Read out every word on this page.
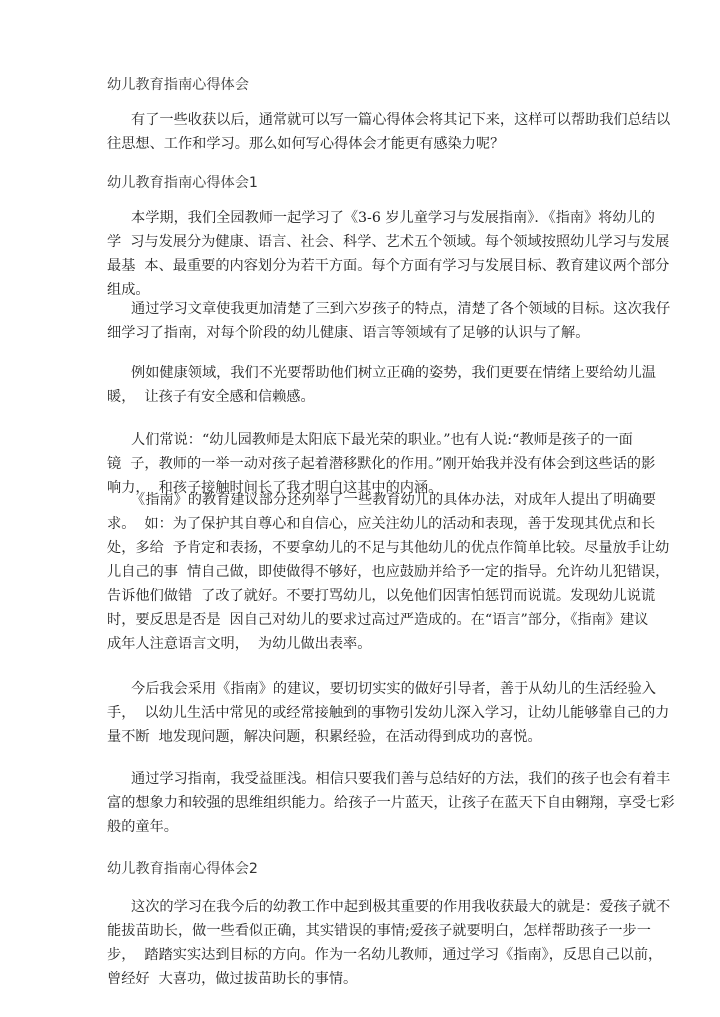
幼儿教育指南心得体会
有了一些收获以后，通常就可以写一篇心得体会将其记下来，这样可以帮助我们总结以
往思想、工作和学习。那么如何写心得体会才能更有感染力呢？
幼儿教育指南心得体会1
本学期，我们全园教师一起学习了《3-6 岁儿童学习与发展指南》．《指南》将幼儿的
学  习与发展分为健康、语言、社会、科学、艺术五个领域。每个领域按照幼儿学习与发展
最基  本、最重要的内容划分为若干方面。每个方面有学习与发展目标、教育建议两个部分
组成。
通过学习文章使我更加清楚了三到六岁孩子的特点，清楚了各个领域的目标。这次我仔
细学习了指南，对每个阶段的幼儿健康、语言等领域有了足够的认识与了解。
例如健康领域，我们不光要帮助他们树立正确的姿势，我们更要在情绪上要给幼儿温
暖，  让孩子有安全感和信赖感。
人们常说：“幼儿园教师是太阳底下最光荣的职业。”也有人说:“教师是孩子的一面
镜  子，教师的一举一动对孩子起着潜移默化的作用。”刚开始我并没有体会到这些话的影
响力，  和孩子接触时间长了我才明白这其中的内涵。
《指南》的教育建议部分还列举了一些教育幼儿的具体办法，对成年人提出了明确要
求。  如：为了保护其自尊心和自信心，应关注幼儿的活动和表现，善于发现其优点和长
处，多给  予肯定和表扬，不要拿幼儿的不足与其他幼儿的优点作简单比较。尽量放手让幼
儿自己的事  情自己做，即使做得不够好，也应鼓励并给予一定的指导。允许幼儿犯错误，
告诉他们做错  了改了就好。不要打骂幼儿，以免他们因害怕惩罚而说谎。发现幼儿说谎
时，要反思是否是  因自己对幼儿的要求过高过严造成的。在“语言”部分，《指南》建议
成年人注意语言文明，  为幼儿做出表率。
今后我会采用《指南》的建议，要切切实实的做好引导者，善于从幼儿的生活经验入
手，  以幼儿生活中常见的或经常接触到的事物引发幼儿深入学习，让幼儿能够靠自己的力
量不断  地发现问题，解决问题，积累经验，在活动得到成功的喜悦。
通过学习指南，我受益匪浅。相信只要我们善与总结好的方法，我们的孩子也会有着丰
富的想象力和较强的思维组织能力。给孩子一片蓝天，让孩子在蓝天下自由翱翔，享受七彩
般的童年。
幼儿教育指南心得体会2
这次的学习在我今后的幼教工作中起到极其重要的作用我收获最大的就是：爱孩子就不
能拔苗助长，做一些看似正确，其实错误的事情;爱孩子就要明白，怎样帮助孩子一步一
步，  踏踏实实达到目标的方向。作为一名幼儿教师，通过学习《指南》，反思自己以前，
曾经好  大喜功，做过拔苗助长的事情。
